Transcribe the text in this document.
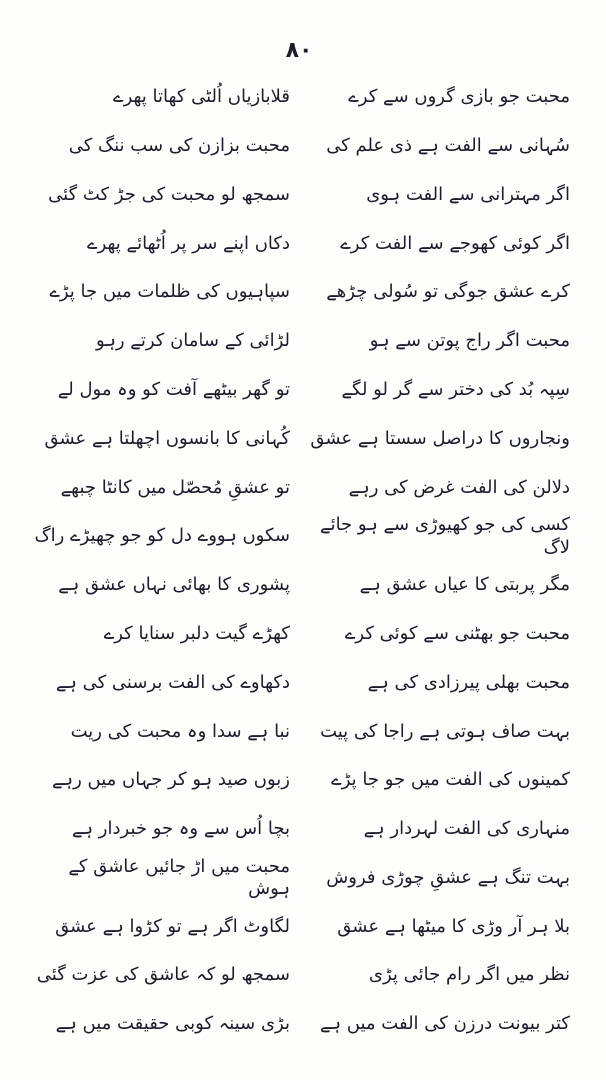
٨٠
محبت جو بازی گروں سے کرے
قلابازیاں اُلٹی کھاتا پھرے
سُہانی سے الفت ہے ذی علم کی
محبت بزازن کی سب ننگ کی
اگر مہترانی سے الفت ہوی
سمجھ لو محبت کی جڑ کٹ گئی
اگر کوئی کھوجے سے الفت کرے
دکاں اپنے سر پر اُٹھائے پھرے
کرے عشق جوگی تو سُولی چڑھے
سپاہیوں کی ظلمات میں جا پڑے
محبت اگر راج پوتن سے ہو
لڑائی کے سامان کرتے رہو
سِپہ بُد کی دختر سے گر لو لگے
تو گھر بیٹھے آفت کو وہ مول لے
ونجاروں کا دراصل سستا ہے عشق
کُہانی کا بانسوں اچھلتا ہے عشق
دلالن کی الفت غرض کی رہے
تو عشقِ مُحصّل میں کانٹا چبھے
کسی کی جو کھیوڑی سے ہو جائے لاگ
سکوں ہووے دل کو جو چھیڑے راگ
مگر پربتی کا عیاں عشق ہے
پشوری کا بھائی نہاں عشق ہے
محبت جو بھٹنی سے کوئی کرے
کھڑے گیت دلبر سنایا کرے
محبت بھلی پیرزادی کی ہے
دکھاوے کی الفت برسنی کی ہے
بہت صاف ہوتی ہے راجا کی پیت
نبا ہے سدا وہ محبت کی ریت
کمینوں کی الفت میں جو جا پڑے
زبوں صید ہو کر جہاں میں رہے
منہاری کی الفت لہردار ہے
بچا اُس سے وہ جو خبردار ہے
بہت تنگ ہے عشقِ چوڑی فروش
محبت میں اڑ جائیں عاشق کے ہوش
بلا ہر آر وڑی کا میٹھا ہے عشق
لگاوٹ اگر ہے تو کڑوا ہے عشق
نظر میں اگر رام جائی پڑی
سمجھ لو کہ عاشق کی عزت گئی
کتر بیونت درزن کی الفت میں ہے
بڑی سینہ کوبی حقیقت میں ہے
